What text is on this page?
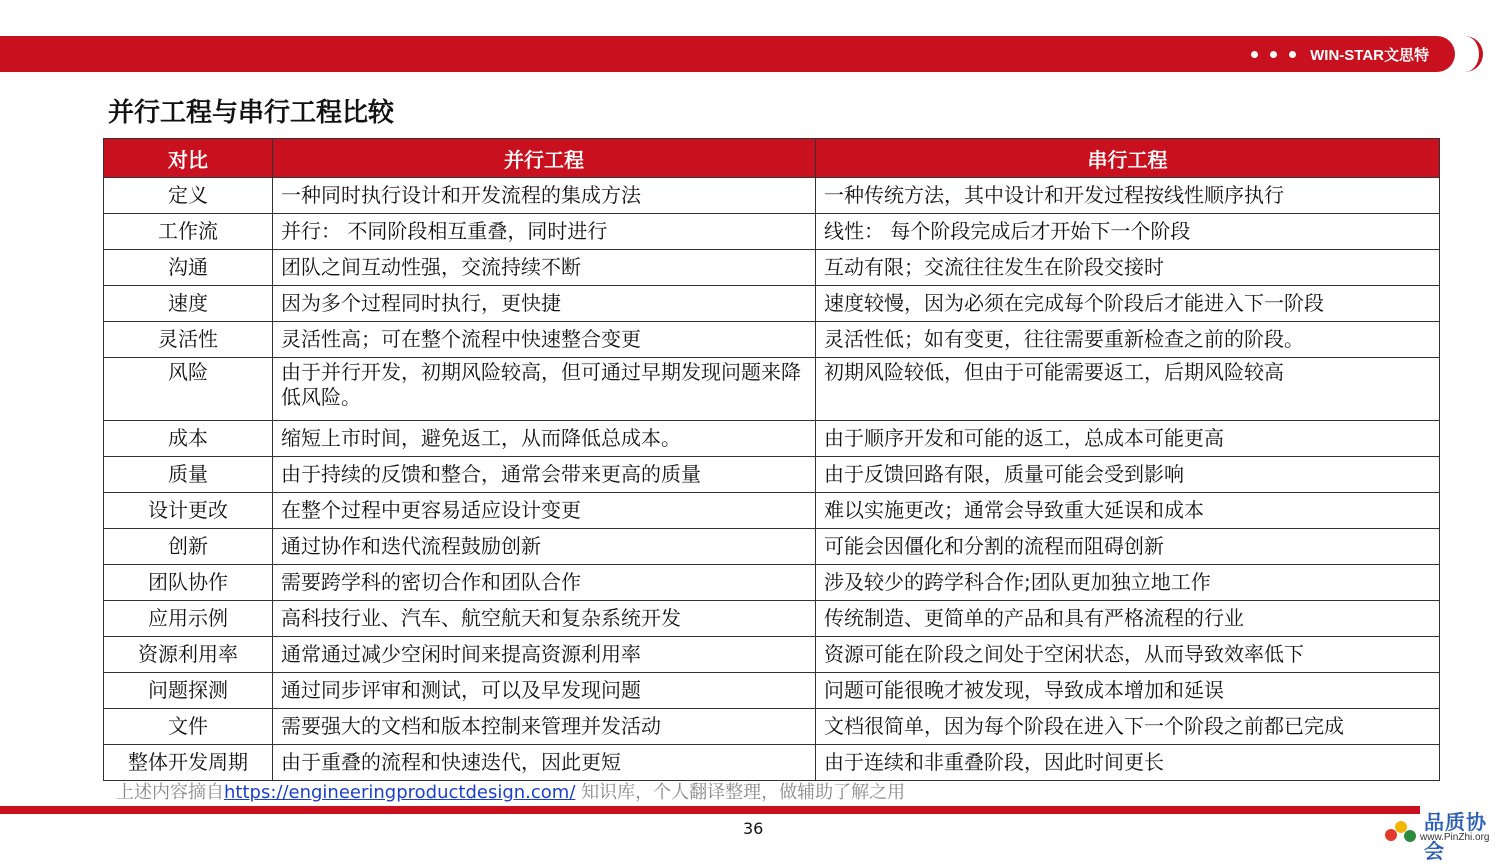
WIN-STAR文思特
并行工程与串行工程比较
对比	并行工程	串行工程
定义	一种同时执行设计和开发流程的集成方法	一种传统方法，其中设计和开发过程按线性顺序执行
工作流	并行： 不同阶段相互重叠，同时进行	线性： 每个阶段完成后才开始下一个阶段
沟通	团队之间互动性强，交流持续不断	互动有限；交流往往发生在阶段交接时
速度	因为多个过程同时执行，更快捷	速度较慢，因为必须在完成每个阶段后才能进入下一阶段
灵活性	灵活性高；可在整个流程中快速整合变更	灵活性低；如有变更，往往需要重新检查之前的阶段。
风险	由于并行开发，初期风险较高，但可通过早期发现问题来降低风险。	初期风险较低，但由于可能需要返工，后期风险较高
成本	缩短上市时间，避免返工，从而降低总成本。	由于顺序开发和可能的返工，总成本可能更高
质量	由于持续的反馈和整合，通常会带来更高的质量	由于反馈回路有限，质量可能会受到影响
设计更改	在整个过程中更容易适应设计变更	难以实施更改；通常会导致重大延误和成本
创新	通过协作和迭代流程鼓励创新	可能会因僵化和分割的流程而阻碍创新
团队协作	需要跨学科的密切合作和团队合作	涉及较少的跨学科合作;团队更加独立地工作
应用示例	高科技行业、汽车、航空航天和复杂系统开发	传统制造、更简单的产品和具有严格流程的行业
资源利用率	通常通过减少空闲时间来提高资源利用率	资源可能在阶段之间处于空闲状态，从而导致效率低下
问题探测	通过同步评审和测试，可以及早发现问题	问题可能很晚才被发现，导致成本增加和延误
文件	需要强大的文档和版本控制来管理并发活动	文档很简单，因为每个阶段在进入下一个阶段之前都已完成
整体开发周期	由于重叠的流程和快速迭代，因此更短	由于连续和非重叠阶段，因此时间更长
上述内容摘自https://engineeringproductdesign.com/ 知识库，个人翻译整理，做辅助了解之用
36	品质协会
www.PinZhi.org
